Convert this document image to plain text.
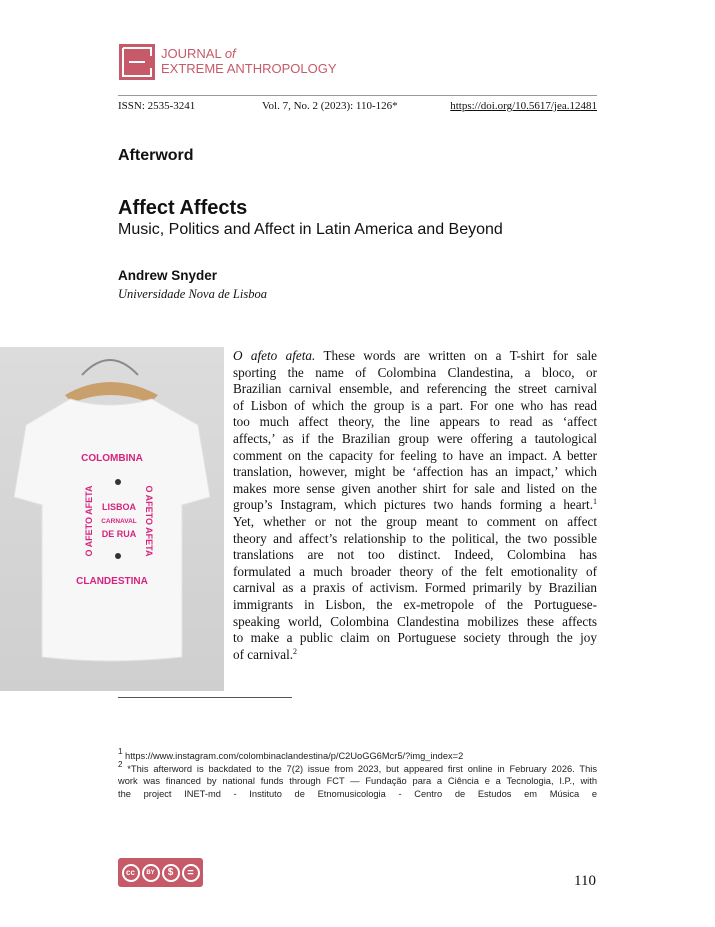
JOURNAL of
EXTREME ANTHROPOLOGY
ISSN: 2535-3241	Vol. 7, No. 2 (2023): 110-126*	https://doi.org/10.5617/jea.12481
Afterword
Affect Affects
Music, Politics and Affect in Latin America and Beyond
Andrew Snyder
Universidade Nova de Lisboa
COLOMBINA
CLANDESTINA
O AFETO AFETA	O AFETO AFETA
LISBOA
CARNAVAL
DE RUA
O afeto afeta. These words are written on a T-shirt for sale
sporting the name of Colombina Clandestina, a bloco, or
Brazilian carnival ensemble, and referencing the street carnival
of Lisbon of which the group is a part. For one who has read
too much affect theory, the line appears to read as ‘affect
affects,’ as if the Brazilian group were offering a tautological
comment on the capacity for feeling to have an impact. A better
translation, however, might be ‘affection has an impact,’ which
makes more sense given another shirt for sale and listed on the
group’s Instagram, which pictures two hands forming a heart.$^1$
Yet, whether or not the group meant to comment on affect
theory and affect’s relationship to the political, the two possible
translations are not too distinct. Indeed, Colombina has
formulated a much broader theory of the felt emotionality of
carnival as a praxis of activism. Formed primarily by Brazilian
immigrants in Lisbon, the ex-metropole of the Portuguese-
speaking world, Colombina Clandestina mobilizes these affects
to make a public claim on Portuguese society through the joy
of carnival.$^2$
$^1$ https://www.instagram.com/colombinaclandestina/p/C2UoGG6Mcr5/?img_index=2
$^2$ *This afterword is backdated to the 7(2) issue from 2023, but appeared first online in February 2026. This
work was financed by national funds through FCT — Fundação para a Ciência e a Tecnologia, I.P., with
the project INET-md - Instituto de Etnomusicologia - Centro de Estudos em Música e
cc	BY	$	=
110
